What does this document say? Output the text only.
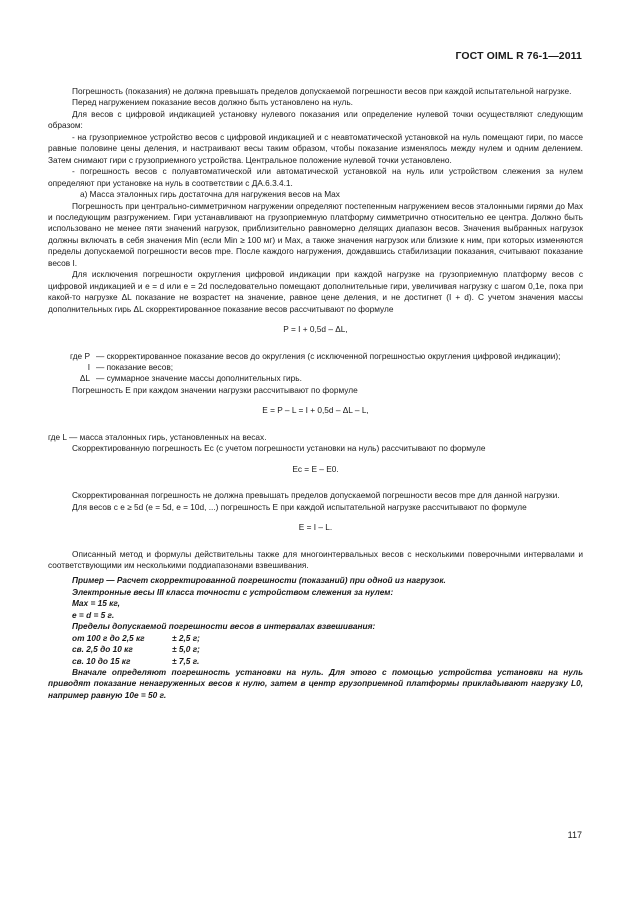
ГОСТ OIML R 76-1—2011

Погрешность (показания) не должна превышать пределов допускаемой погрешности весов при каждой испытательной нагрузке.

Перед нагружением показание весов должно быть установлено на нуль.

Для весов с цифровой индикацией установку нулевого показания или определение нулевой точки осуществляют следующим образом:

- на грузоприемное устройство весов с цифровой индикацией и с неавтоматической установкой на нуль помещают гири, по массе равные половине цены деления, и настраивают весы таким образом, чтобы показание изменялось между нулем и одним делением. Затем снимают гири с грузоприемного устройства. Центральное положение нулевой точки установлено.

- погрешность весов с полуавтоматической или автоматической установкой на нуль или устройством слежения за нулем определяют при установке на нуль в соответствии с ДА.6.3.4.1.

а) Масса эталонных гирь достаточна для нагружения весов на Max

Погрешность при центрально-симметричном нагружении определяют постепенным нагружением весов эталонными гирями до Max и последующим разгружением. Гири устанавливают на грузоприемную платформу симметрично относительно ее центра. Должно быть использовано не менее пяти значений нагрузок, приблизительно равномерно делящих диапазон весов. Значения выбранных нагрузок должны включать в себя значения Min (если Min ≥ 100 мг) и Max, а также значения нагрузок или близкие к ним, при которых изменяются пределы допускаемой погрешности весов mpe. После каждого нагружения, дождавшись стабилизации показания, считывают показание весов I.

Для исключения погрешности округления цифровой индикации при каждой нагрузке на грузоприемную платформу весов с цифровой индикацией и e = d или e = 2d последовательно помещают дополнительные гири, увеличивая нагрузку с шагом 0,1e, пока при какой-то нагрузке ΔL показание не возрастет на значение, равное цене деления, и не достигнет (I + d). С учетом значения массы дополнительных гирь ΔL скорректированное показание весов рассчитывают по формуле

P = I + 0,5d – ΔL,

где P — скорректированное показание весов до округления (с исключенной погрешностью округления цифровой индикации);
I — показание весов;
ΔL — суммарное значение массы дополнительных гирь.

Погрешность E при каждом значении нагрузки рассчитывают по формуле

E = P – L = I + 0,5d – ΔL – L,

где L — масса эталонных гирь, установленных на весах.

Скорректированную погрешность Ec (с учетом погрешности установки на нуль) рассчитывают по формуле

Ec = E – E0.

Скорректированная погрешность не должна превышать пределов допускаемой погрешности весов mpe для данной нагрузки.

Для весов с e ≥ 5d (e = 5d, e = 10d, ...) погрешность E при каждой испытательной нагрузке рассчитывают по формуле

E = I – L.

Описанный метод и формулы действительны также для многоинтервальных весов с несколькими поверочными интервалами и соответствующими им несколькими поддиапазонами взвешивания.

Пример — Расчет скорректированной погрешности (показаний) при одной из нагрузок.

Электронные весы III класса точности с устройством слежения за нулем:

Max = 15 кг,

e = d = 5 г.

Пределы допускаемой погрешности весов в интервалах взвешивания:

от 100 г до 2,5 кг	± 2,5 г;
св. 2,5 до 10 кг	± 5,0 г;
св. 10 до 15 кг	± 7,5 г.

Вначале определяют погрешность установки на нуль. Для этого с помощью устройства установки на нуль приводят показание ненагруженных весов к нулю, затем в центр грузоприемной платформы прикладывают нагрузку L0, например равную 10e = 50 г.

117
